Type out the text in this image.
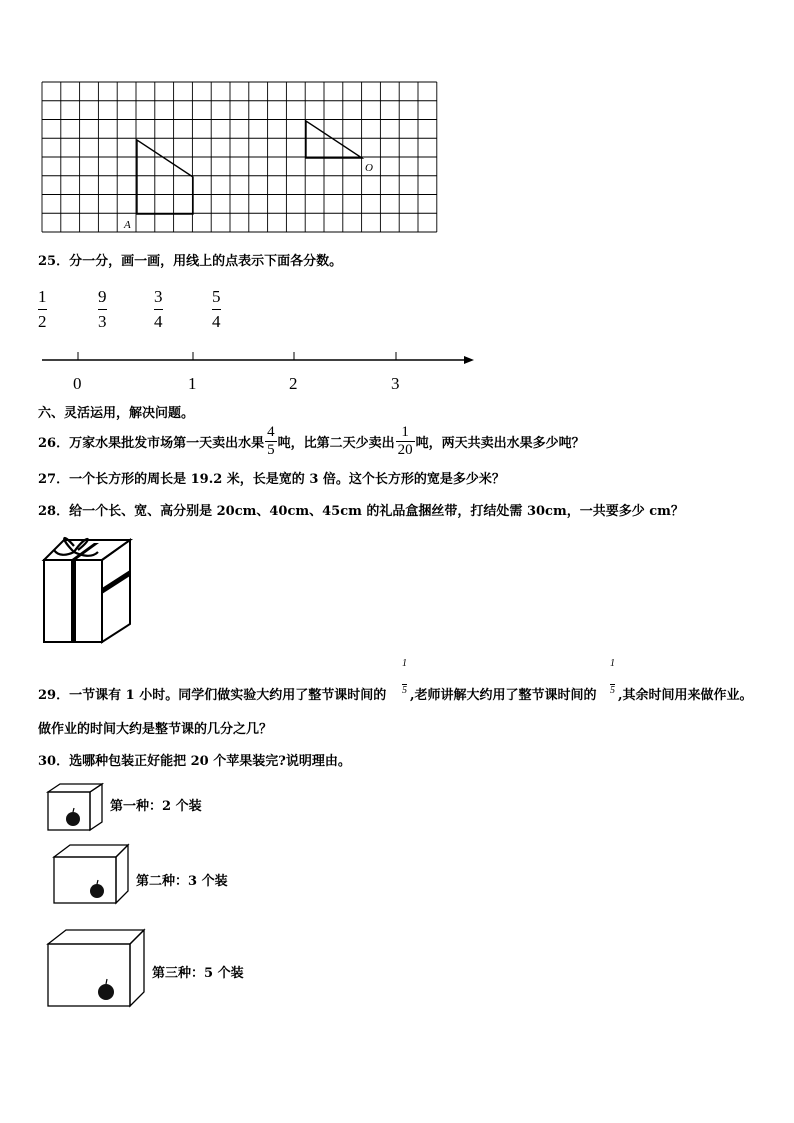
A
O
25．分一分，画一画，用线上的点表示下面各分数。
$\frac{1}{2}$	$\frac{9}{3}$	$\frac{3}{4}$	$\frac{5}{4}$
0	1	2	3
六、灵活运用，解决问题。
26．万家水果批发市场第一天卖出水果 $\frac{4}{5}$ 吨，比第二天少卖出 $\frac{1}{20}$ 吨，两天共卖出水果多少吨？
27．一个长方形的周长是 19.2 米，长是宽的 3 倍。这个长方形的宽是多少米？
28．给一个长、宽、高分别是 20cm、40cm、45cm 的礼品盒捆丝带，打结处需 30cm，一共要多少 cm？
$\frac{1}{5}$	$\frac{1}{5}$
29．一节课有 1 小时。同学们做实验大约用了整节课时间的 ,老师讲解大约用了整节课时间的 ,其余时间用来做作业。
做作业的时间大约是整节课的几分之几？
30．选哪种包装正好能把 20 个苹果装完?说明理由。
第一种：2 个装
第二种：3 个装
第三种：5 个装
